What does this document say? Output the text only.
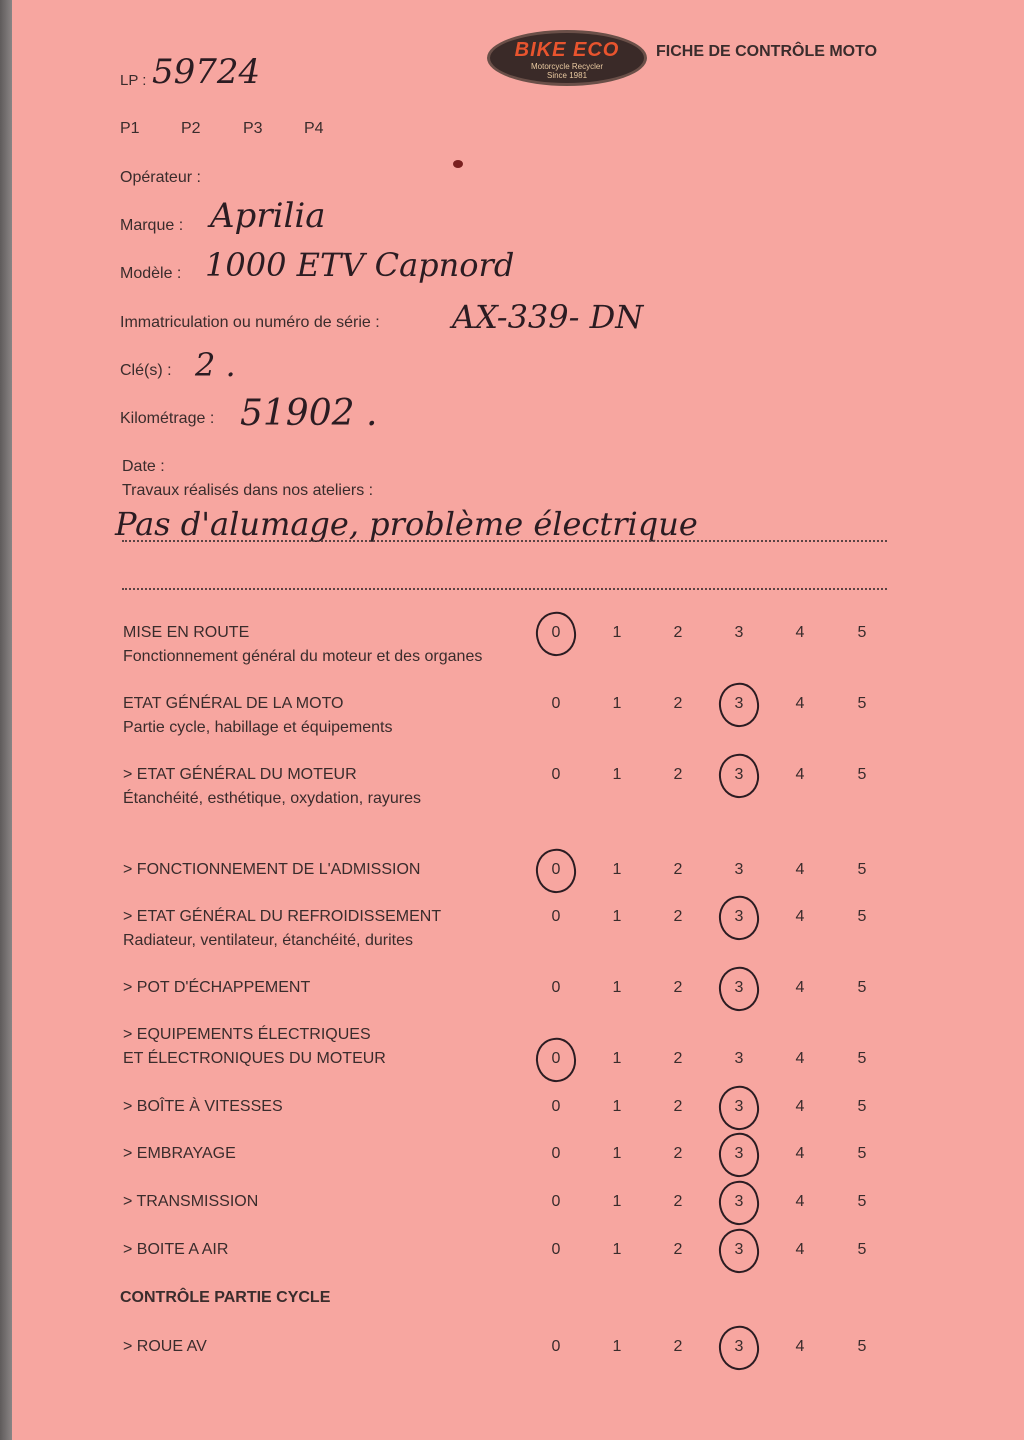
LP : 59724
P1	P2	P3	P4
BIKE ECO
Motorcycle Recycler
Since 1981
FICHE DE CONTRÔLE MOTO
Opérateur :
Marque : Aprilia
Modèle : 1000 ETV Capnord
Immatriculation ou numéro de série : AX-339- DN
Clé(s) : 2 .
Kilométrage : 51902 .
Date :
Travaux réalisés dans nos ateliers :
Pas d'alumage, problème électrique
MISE EN ROUTE
Fonctionnement général du moteur et des organes
0	1	2	3	4	5
ETAT GÉNÉRAL DE LA MOTO
Partie cycle, habillage et équipements
0	1	2	3	4	5
> ETAT GÉNÉRAL DU MOTEUR
Étanchéité, esthétique, oxydation, rayures
0	1	2	3	4	5
> FONCTIONNEMENT DE L'ADMISSION	0	1	2	3	4	5
> ETAT GÉNÉRAL DU REFROIDISSEMENT
Radiateur, ventilateur, étanchéité, durites
0	1	2	3	4	5
> POT D'ÉCHAPPEMENT	0	1	2	3	4	5
> EQUIPEMENTS ÉLECTRIQUES
ET ÉLECTRONIQUES DU MOTEUR	0	1	2	3	4	5
> BOÎTE À VITESSES	0	1	2	3	4	5
> EMBRAYAGE	0	1	2	3	4	5
> TRANSMISSION	0	1	2	3	4	5
> BOITE A AIR	0	1	2	3	4	5
CONTRÔLE PARTIE CYCLE
> ROUE AV	0	1	2	3	4	5
